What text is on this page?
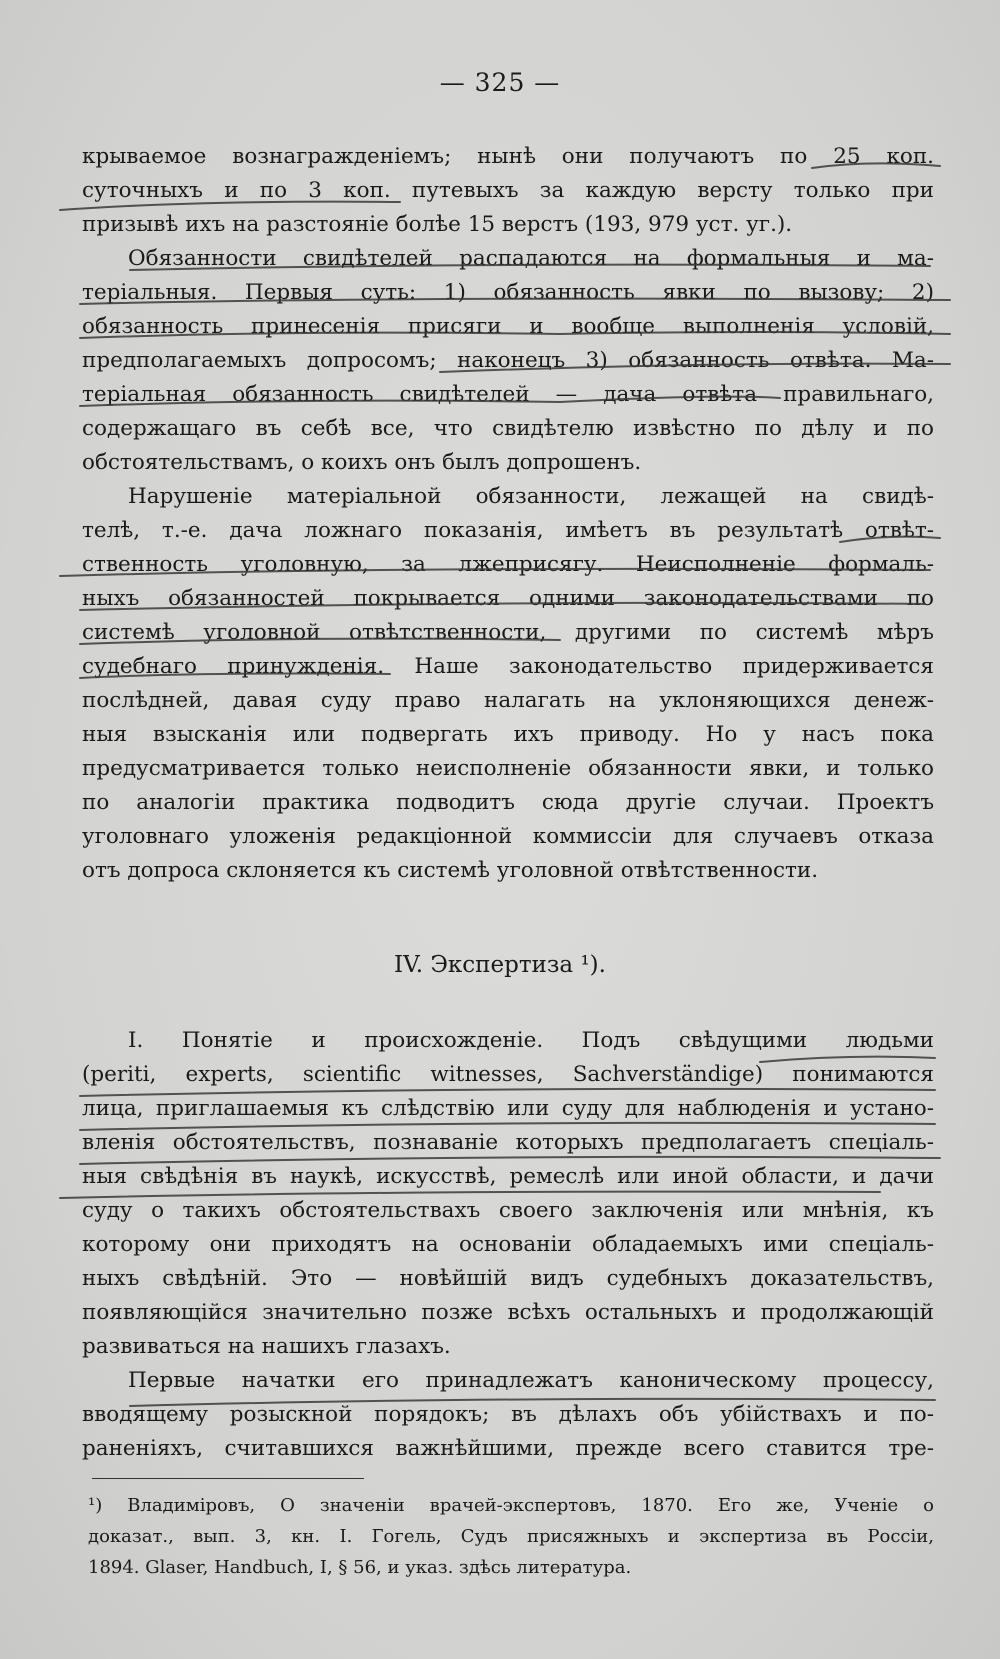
— 325 —
крываемое вознагражденіемъ; нынѣ они получаютъ по 25 коп.
суточныхъ и по 3 коп. путевыхъ за каждую версту только при
призывѣ ихъ на разстояніе болѣе 15 верстъ (193, 979 уст. уг.).
Обязанности свидѣтелей распадаются на формальныя и ма-
теріальныя. Первыя суть: 1) обязанность явки по вызову; 2)
обязанность принесенія присяги и вообще выполненія условій,
предполагаемыхъ допросомъ; наконецъ 3) обязанность отвѣта. Ма-
теріальная обязанность свидѣтелей — дача отвѣта правильнаго,
содержащаго въ себѣ все, что свидѣтелю извѣстно по дѣлу и по
обстоятельствамъ, о коихъ онъ былъ допрошенъ.
Нарушеніе матеріальной обязанности, лежащей на свидѣ-
телѣ, т.-е. дача ложнаго показанія, имѣетъ въ результатѣ отвѣт-
ственность уголовную, за лжеприсягу. Неисполненіе формаль-
ныхъ обязанностей покрывается одними законодательствами по
системѣ уголовной отвѣтственности, другими по системѣ мѣръ
судебнаго принужденія. Наше законодательство придерживается
послѣдней, давая суду право налагать на уклоняющихся денеж-
ныя взысканія или подвергать ихъ приводу. Но у насъ пока
предусматривается только неисполненіе обязанности явки, и только
по аналогіи практика подводитъ сюда другіе случаи. Проектъ
уголовнаго уложенія редакціонной коммиссіи для случаевъ отказа
отъ допроса склоняется къ системѣ уголовной отвѣтственности.
IV. Экспертиза ¹).
I. Понятіе и происхожденіе. Подъ свѣдущими людьми
(periti, experts, scientific witnesses, Sachverständige) понимаются
лица, приглашаемыя къ слѣдствію или суду для наблюденія и устано-
вленія обстоятельствъ, познаваніе которыхъ предполагаетъ спеціаль-
ныя свѣдѣнія въ наукѣ, искусствѣ, ремеслѣ или иной области, и дачи
суду о такихъ обстоятельствахъ своего заключенія или мнѣнія, къ
которому они приходятъ на основаніи обладаемыхъ ими спеціаль-
ныхъ свѣдѣній. Это — новѣйшій видъ судебныхъ доказательствъ,
появляющійся значительно позже всѣхъ остальныхъ и продолжающій
развиваться на нашихъ глазахъ.
Первые начатки его принадлежатъ каноническому процессу,
вводящему розыскной порядокъ; въ дѣлахъ объ убійствахъ и по-
раненіяхъ, считавшихся важнѣйшими, прежде всего ставится тре-
¹) Владиміровъ, О значеніи врачей-экспертовъ, 1870. Его же, Ученіе о
доказат., вып. 3, кн. I. Гогель, Судъ присяжныхъ и экспертиза въ Россіи,
1894. Glaser, Handbuch, I, § 56, и указ. здѣсь литература.
